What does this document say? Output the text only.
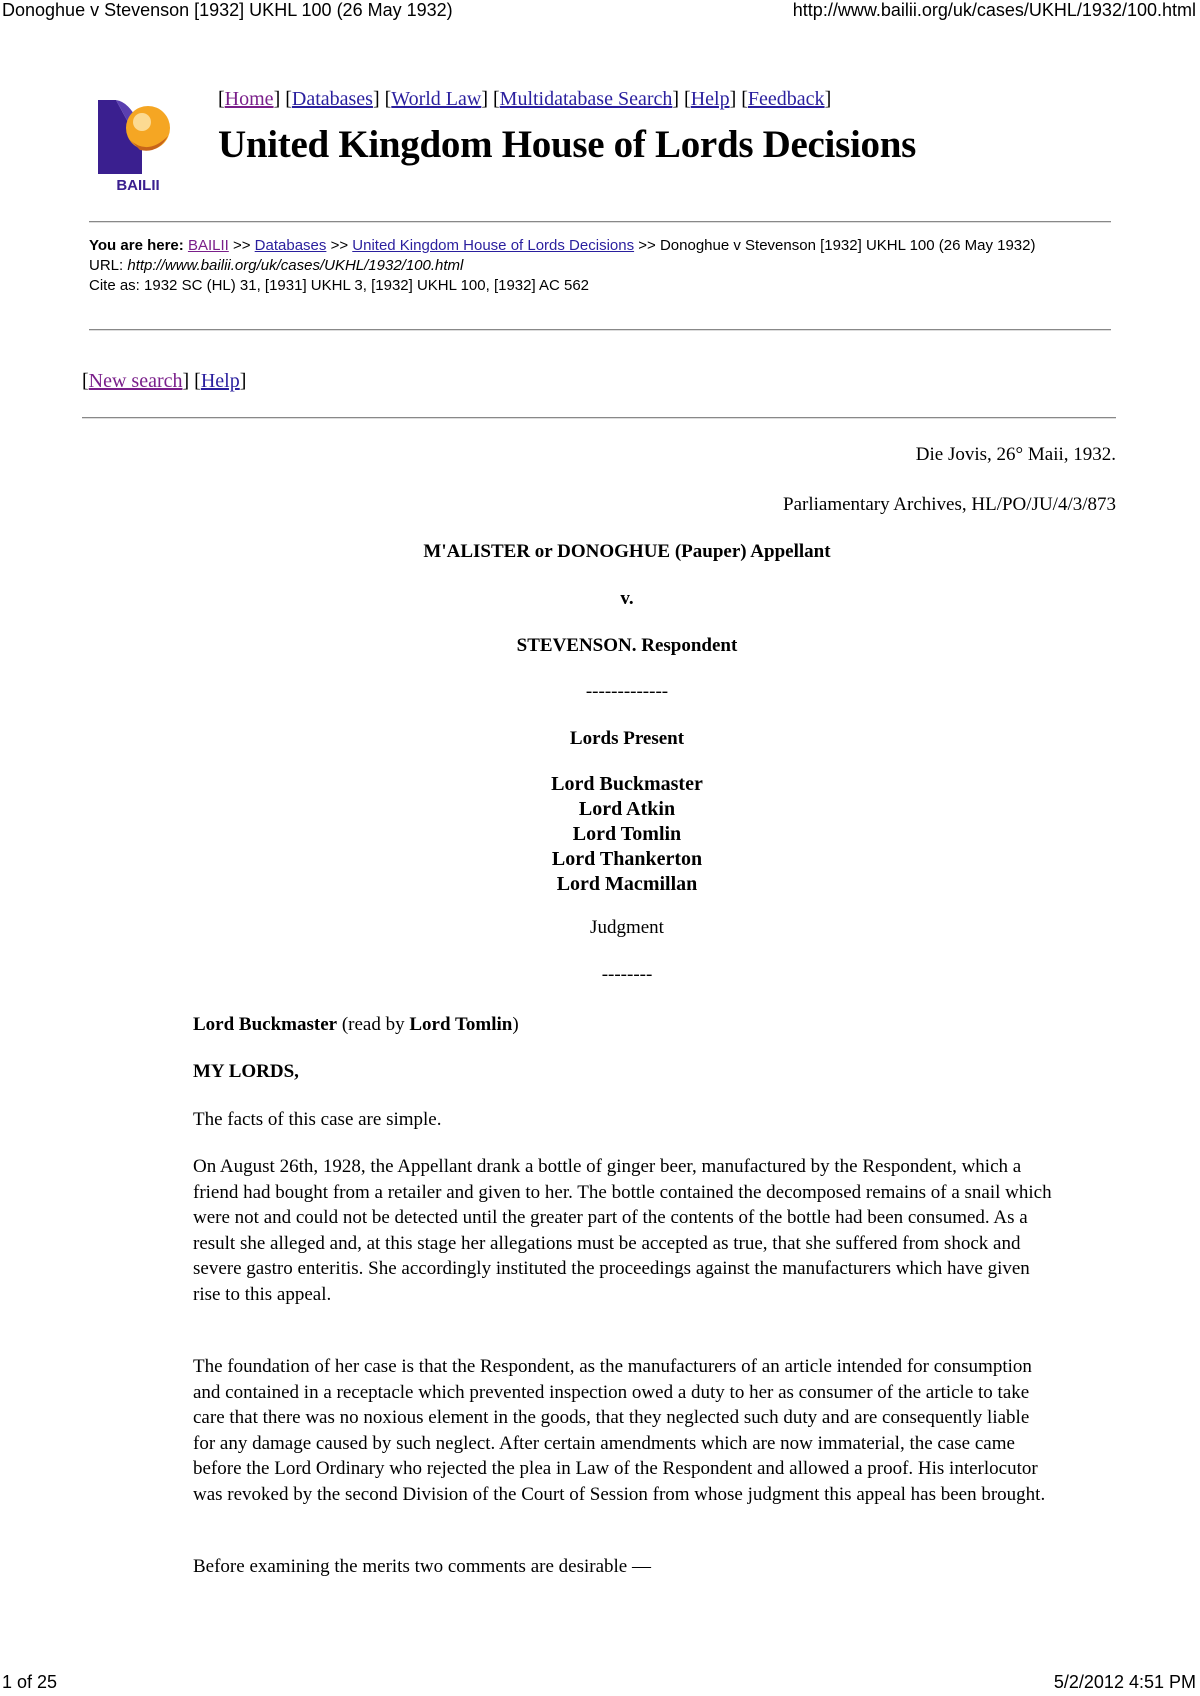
Donoghue v Stevenson [1932] UKHL 100 (26 May 1932)	http://www.bailii.org/uk/cases/UKHL/1932/100.html
BAILII
[Home] [Databases] [World Law] [Multidatabase Search] [Help] [Feedback]
United Kingdom House of Lords Decisions
You are here: BAILII >> Databases >> United Kingdom House of Lords Decisions >> Donoghue v Stevenson [1932] UKHL 100 (26 May 1932)
URL: http://www.bailii.org/uk/cases/UKHL/1932/100.html
Cite as: 1932 SC (HL) 31, [1931] UKHL 3, [1932] UKHL 100, [1932] AC 562
[New search] [Help]
Die Jovis, 26° Maii, 1932.
Parliamentary Archives, HL/PO/JU/4/3/873
M'ALISTER or DONOGHUE (Pauper) Appellant
v.
STEVENSON. Respondent
-------------
Lords Present
Lord Buckmaster
Lord Atkin
Lord Tomlin
Lord Thankerton
Lord Macmillan
Judgment
--------
Lord Buckmaster (read by Lord Tomlin)
MY LORDS,
The facts of this case are simple.
On August 26th, 1928, the Appellant drank a bottle of ginger beer, manufactured by the Respondent, which a friend had bought from a retailer and given to her. The bottle contained the decomposed remains of a snail which were not and could not be detected until the greater part of the contents of the bottle had been consumed. As a result she alleged and, at this stage her allegations must be accepted as true, that she suffered from shock and severe gastro enteritis. She accordingly instituted the proceedings against the manufacturers which have given rise to this appeal.
The foundation of her case is that the Respondent, as the manufacturers of an article intended for consumption and contained in a receptacle which prevented inspection owed a duty to her as consumer of the article to take care that there was no noxious element in the goods, that they neglected such duty and are consequently liable for any damage caused by such neglect. After certain amendments which are now immaterial, the case came before the Lord Ordinary who rejected the plea in Law of the Respondent and allowed a proof. His interlocutor was revoked by the second Division of the Court of Session from whose judgment this appeal has been brought.
Before examining the merits two comments are desirable —
1 of 25	5/2/2012 4:51 PM
